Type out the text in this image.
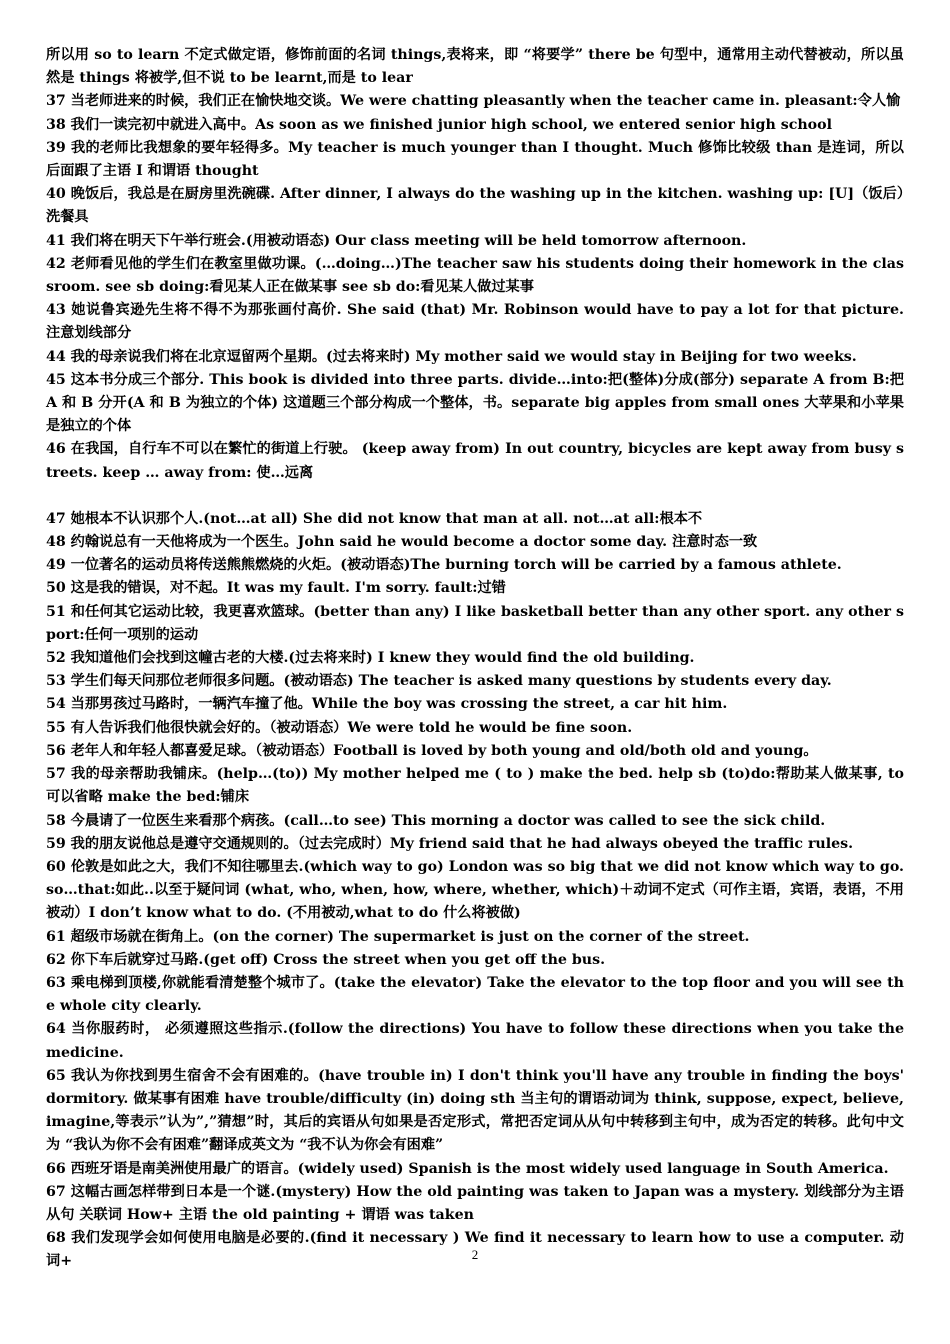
所以用 so to learn 不定式做定语，修饰前面的名词 things,表将来，即 “将要学” there be 句型中，通常用主动代替被动，所以虽然是 things 将被学,但不说 to be learnt,而是 to lear

37 当老师进来的时候，我们正在愉快地交谈。We were chatting pleasantly when the teacher came in. pleasant:令人愉

38 我们一读完初中就进入高中。As soon as we finished junior high school, we entered senior high school

39 我的老师比我想象的要年轻得多。My teacher is much younger than I thought. Much 修饰比较级 than 是连词，所以后面跟了主语 I 和谓语 thought

40 晚饭后，我总是在厨房里洗碗碟. After dinner, I always do the washing up in the kitchen. washing up: [U]（饭后）洗餐具

41 我们将在明天下午举行班会.(用被动语态) Our class meeting will be held tomorrow afternoon.

42 老师看见他的学生们在教室里做功课。(…doing…)The teacher saw his students doing their homework in the classroom. see sb doing:看见某人正在做某事 see sb do:看见某人做过某事

43 她说鲁宾逊先生将不得不为那张画付高价. She said (that) Mr. Robinson would have to pay a lot for that picture. 注意划线部分

44 我的母亲说我们将在北京逗留两个星期。(过去将来时) My mother said we would stay in Beijing for two weeks.

45 这本书分成三个部分. This book is divided into three parts. divide…into:把(整体)分成(部分) separate A from B:把 A 和 B 分开(A 和 B 为独立的个体) 这道题三个部分构成一个整体，书。separate big apples from small ones 大苹果和小苹果是独立的个体

46 在我国，自行车不可以在繁忙的街道上行驶。 (keep away from) In out country, bicycles are kept away from busy streets. keep … away from: 使…远离

47 她根本不认识那个人.(not…at all) She did not know that man at all. not…at all:根本不

48 约翰说总有一天他将成为一个医生。John said he would become a doctor some day. 注意时态一致

49 一位著名的运动员将传送熊熊燃烧的火炬。(被动语态)The burning torch will be carried by a famous athlete.

50 这是我的错误，对不起。It was my fault. I'm sorry. fault:过错

51 和任何其它运动比较，我更喜欢篮球。(better than any) I like basketball better than any other sport. any other sport:任何一项别的运动

52 我知道他们会找到这幢古老的大楼.(过去将来时) I knew they would find the old building.

53 学生们每天问那位老师很多问题。(被动语态) The teacher is asked many questions by students every day.

54 当那男孩过马路时，一辆汽车撞了他。While the boy was crossing the street, a car hit him.

55 有人告诉我们他很快就会好的。（被动语态）We were told he would be fine soon.

56 老年人和年轻人都喜爱足球。（被动语态）Football is loved by both young and old/both old and young。

57 我的母亲帮助我铺床。(help…(to)) My mother helped me ( to ) make the bed. help sb (to)do:帮助某人做某事, to 可以省略 make the bed:铺床

58 今晨请了一位医生来看那个病孩。(call…to see) This morning a doctor was called to see the sick child.

59 我的朋友说他总是遵守交通规则的。（过去完成时）My friend said that he had always obeyed the traffic rules.

60 伦敦是如此之大，我们不知往哪里去.(which way to go) London was so big that we did not know which way to go. so…that:如此..以至于疑问词 (what, who, when, how, where, whether, which)＋动词不定式（可作主语，宾语，表语，不用被动）I don’t know what to do. (不用被动,what to do 什么将被做)

61 超级市场就在街角上。(on the corner) The supermarket is just on the corner of the street.

62 你下车后就穿过马路.(get off) Cross the street when you get off the bus.

63 乘电梯到顶楼,你就能看清楚整个城市了。(take the elevator) Take the elevator to the top floor and you will see the whole city clearly.

64 当你服药时， 必须遵照这些指示.(follow the directions) You have to follow these directions when you take the medicine.

65 我认为你找到男生宿舍不会有困难的。(have trouble in) I don't think you'll have any trouble in finding the boys' dormitory. 做某事有困难 have trouble/difficulty (in) doing sth 当主句的谓语动词为 think, suppose, expect, believe, imagine,等表示”认为”,”猜想”时，其后的宾语从句如果是否定形式，常把否定词从从句中转移到主句中，成为否定的转移。此句中文为 “我认为你不会有困难”翻译成英文为 “我不认为你会有困难”

66 西班牙语是南美洲使用最广的语言。(widely used) Spanish is the most widely used language in South America.

67 这幅古画怎样带到日本是一个谜.(mystery) How the old painting was taken to Japan was a mystery. 划线部分为主语从句 关联词 How+ 主语 the old painting + 谓语 was taken

68 我们发现学会如何使用电脑是必要的.(find it necessary ) We find it necessary to learn how to use a computer. 动词+	2
